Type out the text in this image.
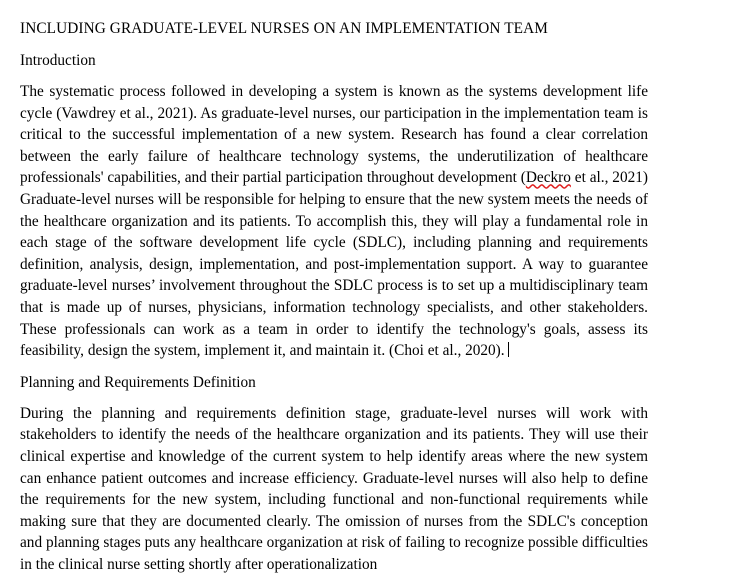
INCLUDING GRADUATE-LEVEL NURSES ON AN IMPLEMENTATION TEAM
Introduction

The systematic process followed in developing a system is known as the systems development life cycle (Vawdrey et al., 2021). As graduate-level nurses, our participation in the implementation team is critical to the successful implementation of a new system. Research has found a clear correlation between the early failure of healthcare technology systems, the underutilization of healthcare professionals' capabilities, and their partial participation throughout development (Deckro et al., 2021) Graduate-level nurses will be responsible for helping to ensure that the new system meets the needs of the healthcare organization and its patients. To accomplish this, they will play a fundamental role in each stage of the software development life cycle (SDLC), including planning and requirements definition, analysis, design, implementation, and post-implementation support. A way to guarantee graduate-level nurses’ involvement throughout the SDLC process is to set up a multidisciplinary team that is made up of nurses, physicians, information technology specialists, and other stakeholders. These professionals can work as a team in order to identify the technology's goals, assess its feasibility, design the system, implement it, and maintain it. (Choi et al., 2020).

Planning and Requirements Definition

During the planning and requirements definition stage, graduate-level nurses will work with stakeholders to identify the needs of the healthcare organization and its patients. They will use their clinical expertise and knowledge of the current system to help identify areas where the new system can enhance patient outcomes and increase efficiency. Graduate-level nurses will also help to define the requirements for the new system, including functional and non-functional requirements while making sure that they are documented clearly. The omission of nurses from the SDLC's conception and planning stages puts any healthcare organization at risk of failing to recognize possible difficulties in the clinical nurse setting shortly after operationalization
